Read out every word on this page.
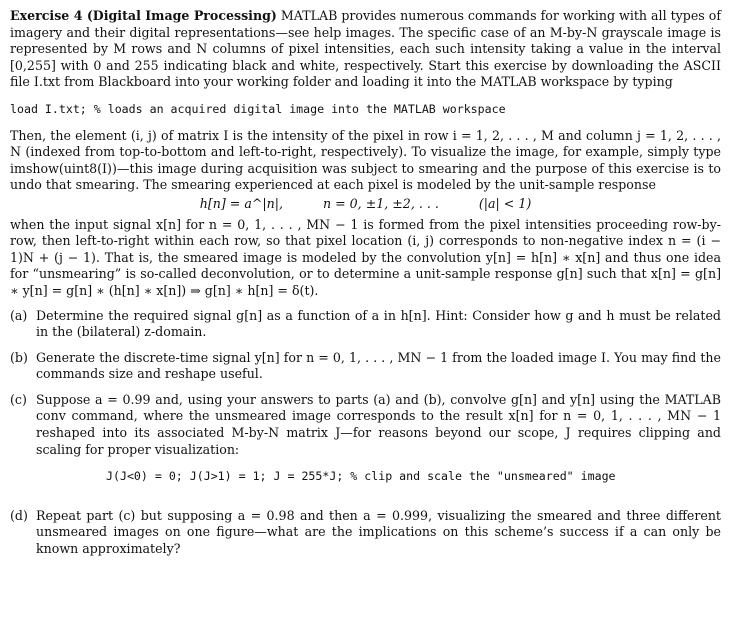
Exercise 4 (Digital Image Processing) MATLAB provides numerous commands for working with all types of imagery and their digital representations—see help images. The specific case of an M-by-N grayscale image is represented by M rows and N columns of pixel intensities, each such intensity taking a value in the interval [0,255] with 0 and 255 indicating black and white, respectively. Start this exercise by downloading the ASCII file I.txt from Blackboard into your working folder and loading it into the MATLAB workspace by typing

load I.txt; % loads an acquired digital image into the MATLAB workspace

Then, the element (i, j) of matrix I is the intensity of the pixel in row i = 1, 2, . . . , M and column j = 1, 2, . . . , N (indexed from top-to-bottom and left-to-right, respectively). To visualize the image, for example, simply type imshow(uint8(I))—this image during acquisition was subject to smearing and the purpose of this exercise is to undo that smearing. The smearing experienced at each pixel is modeled by the unit-sample response

h[n] = a^|n|,	n = 0, ±1, ±2, . . .	(|a| < 1)

when the input signal x[n] for n = 0, 1, . . . , MN − 1 is formed from the pixel intensities proceeding row-by-row, then left-to-right within each row, so that pixel location (i, j) corresponds to non-negative index n = (i − 1)N + (j − 1). That is, the smeared image is modeled by the convolution y[n] = h[n] ∗ x[n] and thus one idea for “unsmearing” is so-called deconvolution, or to determine a unit-sample response g[n] such that x[n] = g[n] ∗ y[n] = g[n] ∗ (h[n] ∗ x[n]) ⇒ g[n] ∗ h[n] = δ(t).

(a) Determine the required signal g[n] as a function of a in h[n]. Hint: Consider how g and h must be related in the (bilateral) z-domain.
(b) Generate the discrete-time signal y[n] for n = 0, 1, . . . , MN − 1 from the loaded image I. You may find the commands size and reshape useful.
(c) Suppose a = 0.99 and, using your answers to parts (a) and (b), convolve g[n] and y[n] using the MATLAB conv command, where the unsmeared image corresponds to the result x[n] for n = 0, 1, . . . , MN − 1 reshaped into its associated M-by-N matrix J—for reasons beyond our scope, J requires clipping and scaling for proper visualization:
J(J<0) = 0; J(J>1) = 1; J = 255*J; % clip and scale the "unsmeared" image
(d) Repeat part (c) but supposing a = 0.98 and then a = 0.999, visualizing the smeared and three different unsmeared images on one figure—what are the implications on this scheme’s success if a can only be known approximately?
